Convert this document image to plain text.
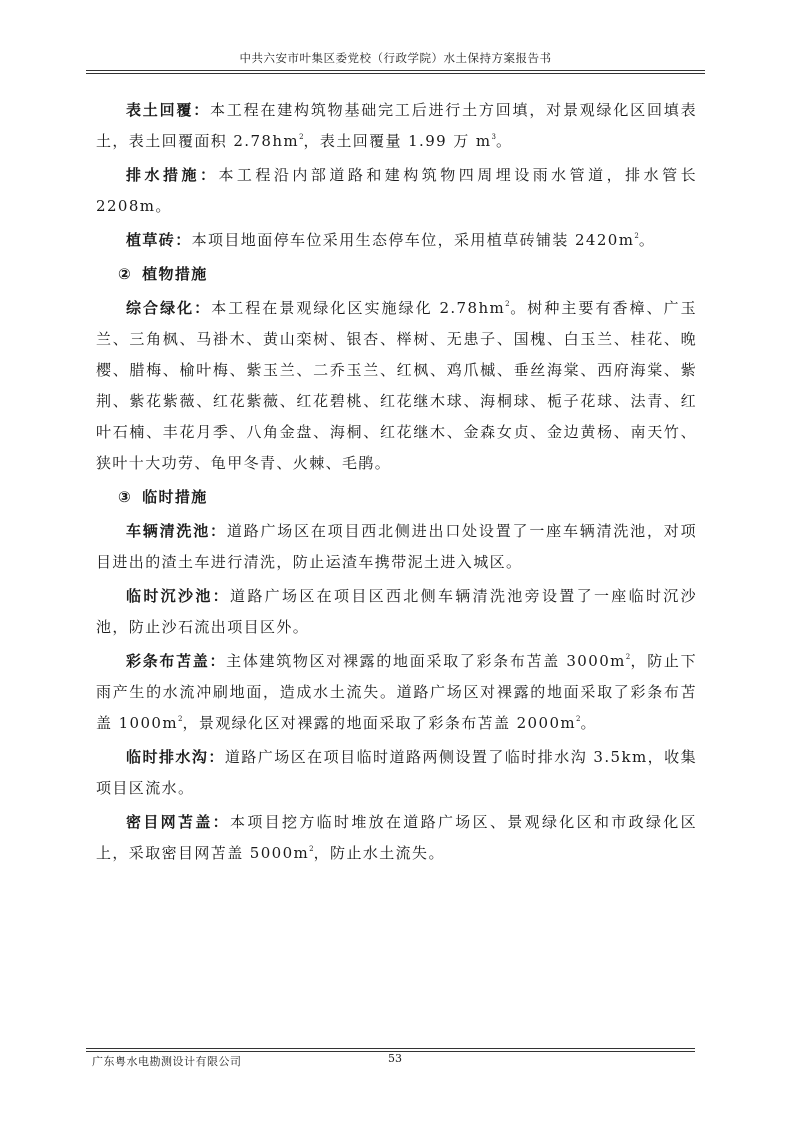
中共六安市叶集区委党校（行政学院）水土保持方案报告书

表土回覆：本工程在建构筑物基础完工后进行土方回填，对景观绿化区回填表土，表土回覆面积 $2.78hm^2$，表土回覆量 1.99 万 $m^3$。

排水措施：本工程沿内部道路和建构筑物四周埋设雨水管道，排水管长 2208m。

植草砖：本项目地面停车位采用生态停车位，采用植草砖铺装 $2420m^2$。

② 植物措施

综合绿化：本工程在景观绿化区实施绿化 $2.78hm^2$。树种主要有香樟、广玉兰、三角枫、马褂木、黄山栾树、银杏、榉树、无患子、国槐、白玉兰、桂花、晚樱、腊梅、榆叶梅、紫玉兰、二乔玉兰、红枫、鸡爪槭、垂丝海棠、西府海棠、紫荆、紫花紫薇、红花紫薇、红花碧桃、红花继木球、海桐球、栀子花球、法青、红叶石楠、丰花月季、八角金盘、海桐、红花继木、金森女贞、金边黄杨、南天竹、狭叶十大功劳、龟甲冬青、火棘、毛鹃。

③ 临时措施

车辆清洗池：道路广场区在项目西北侧进出口处设置了一座车辆清洗池，对项目进出的渣土车进行清洗，防止运渣车携带泥土进入城区。

临时沉沙池：道路广场区在项目区西北侧车辆清洗池旁设置了一座临时沉沙池，防止沙石流出项目区外。

彩条布苫盖：主体建筑物区对裸露的地面采取了彩条布苫盖 $3000m^2$，防止下雨产生的水流冲刷地面，造成水土流失。道路广场区对裸露的地面采取了彩条布苫盖 $1000m^2$，景观绿化区对裸露的地面采取了彩条布苫盖 $2000m^2$。

临时排水沟：道路广场区在项目临时道路两侧设置了临时排水沟 3.5km，收集项目区流水。

密目网苫盖：本项目挖方临时堆放在道路广场区、景观绿化区和市政绿化区上，采取密目网苫盖 $5000m^2$，防止水土流失。

广东粤水电勘测设计有限公司	53
